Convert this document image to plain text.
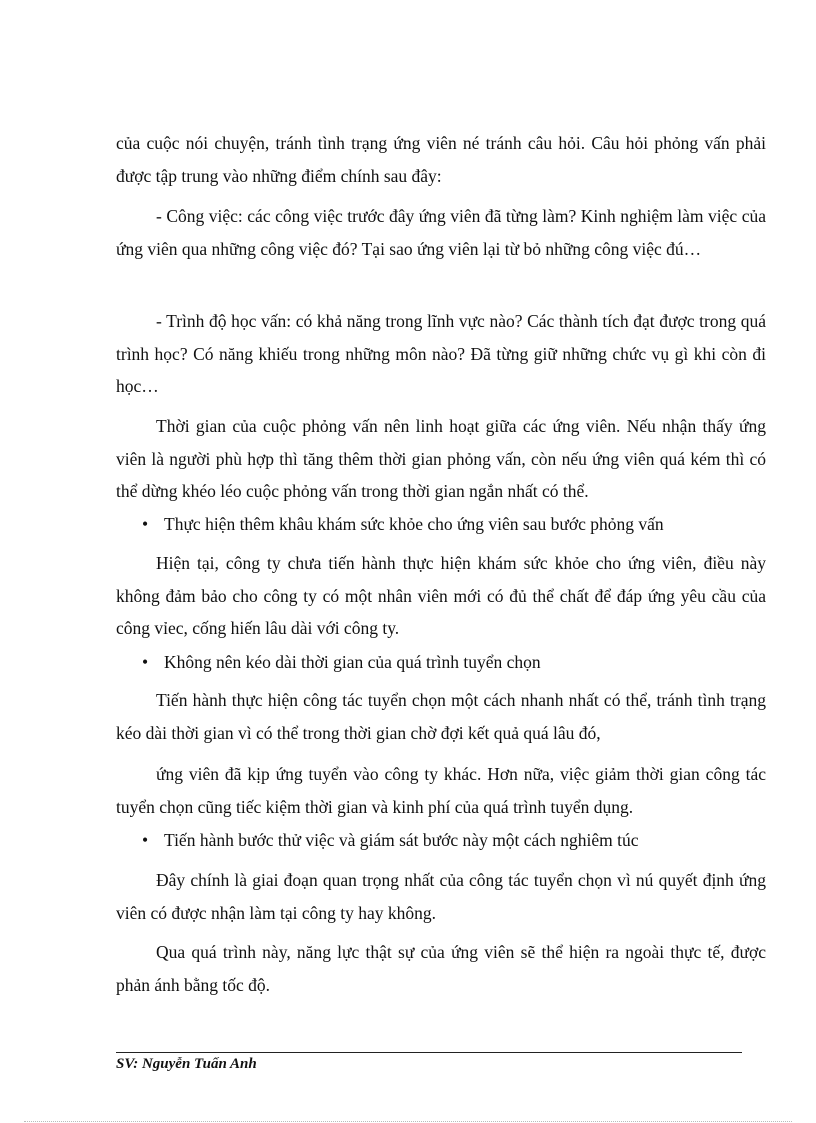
của cuộc nói chuyện, tránh tình trạng ứng viên né tránh câu hỏi. Câu hỏi phỏng vấn phải được tập trung vào những điểm chính sau đây:

- Công việc: các công việc trước đây ứng viên đã từng làm? Kinh nghiệm làm việc của ứng viên qua những công việc đó? Tại sao ứng viên lại từ bỏ những công việc đú…

- Trình độ học vấn: có khả năng trong lĩnh vực nào? Các thành tích đạt được trong quá trình học? Có năng khiếu trong những môn nào? Đã từng giữ những chức vụ gì khi còn đi học…

Thời gian của cuộc phỏng vấn nên linh hoạt giữa các ứng viên. Nếu nhận thấy ứng viên là người phù hợp thì tăng thêm thời gian phỏng vấn, còn nếu ứng viên quá kém thì có thể dừng khéo léo cuộc phỏng vấn trong thời gian ngắn nhất có thể.

• Thực hiện thêm khâu khám sức khỏe cho ứng viên sau bước phỏng vấn

Hiện tại, công ty chưa tiến hành thực hiện khám sức khỏe cho ứng viên, điều này không đảm bảo cho công ty có một nhân viên mới có đủ thể chất để đáp ứng yêu cầu của công vỉec, cống hiến lâu dài với công ty.

• Không nên kéo dài thời gian của quá trình tuyển chọn

Tiến hành thực hiện công tác tuyển chọn một cách nhanh nhất có thể, tránh tình trạng kéo dài thời gian vì có thể trong thời gian chờ đợi kết quả quá lâu đó,

ứng viên đã kịp ứng tuyển vào công ty khác. Hơn nữa, việc giảm thời gian công tác tuyển chọn cũng tiếc kiệm thời gian và kinh phí của quá trình tuyển dụng.

• Tiến hành bước thử việc và giám sát bước này một cách nghiêm túc

Đây chính là giai đoạn quan trọng nhất của công tác tuyển chọn vì nú quyết định ứng viên có được nhận làm tại công ty hay không.

Qua quá trình này, năng lực thật sự của ứng viên sẽ thể hiện ra ngoài thực tế, được phản ánh bằng tốc độ.

SV: Nguyễn Tuấn Anh
